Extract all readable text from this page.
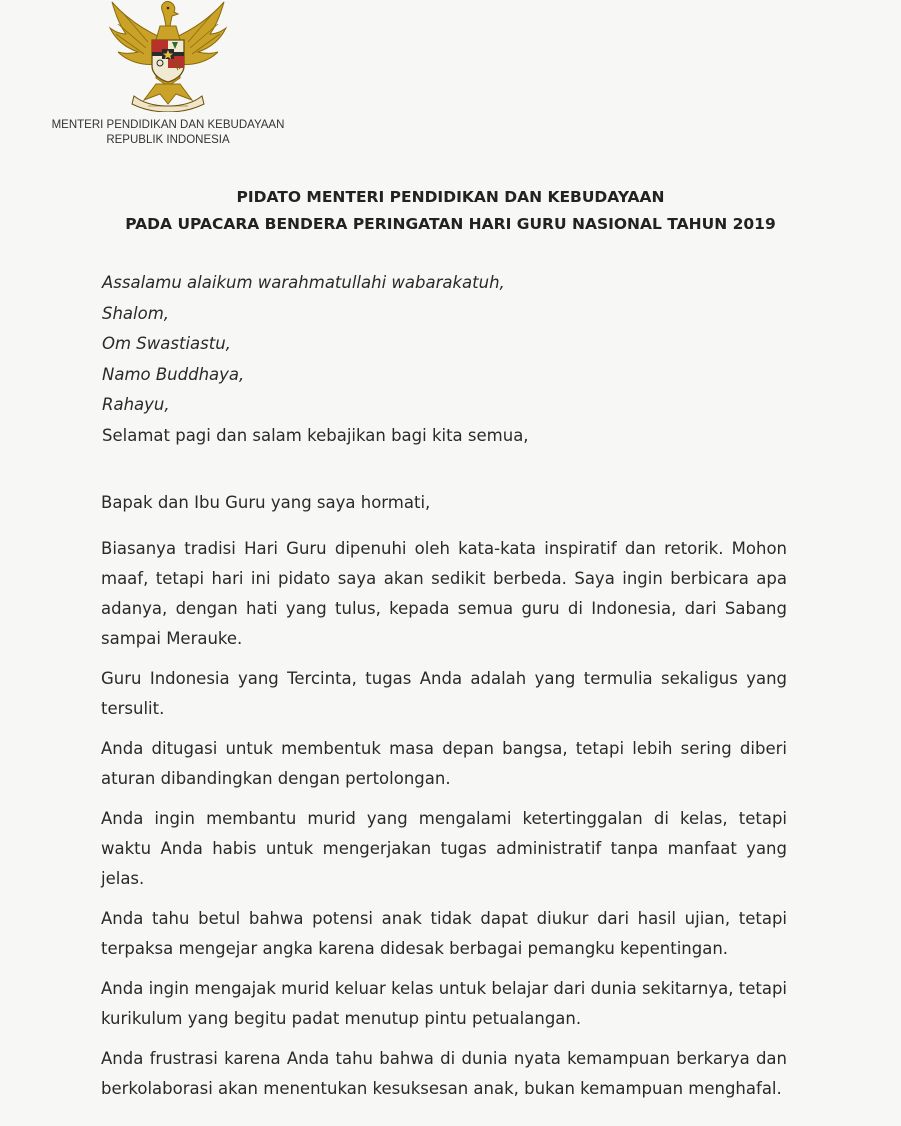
MENTERI PENDIDIKAN DAN KEBUDAYAAN
REPUBLIK INDONESIA
PIDATO MENTERI PENDIDIKAN DAN KEBUDAYAAN
PADA UPACARA BENDERA PERINGATAN HARI GURU NASIONAL TAHUN 2019
Assalamu alaikum warahmatullahi wabarakatuh,
Shalom,
Om Swastiastu,
Namo Buddhaya,
Rahayu,
Selamat pagi dan salam kebajikan bagi kita semua,

Bapak dan Ibu Guru yang saya hormati,

Biasanya tradisi Hari Guru dipenuhi oleh kata-kata inspiratif dan retorik. Mohon maaf, tetapi hari ini pidato saya akan sedikit berbeda. Saya ingin berbicara apa adanya, dengan hati yang tulus, kepada semua guru di Indonesia, dari Sabang sampai Merauke.

Guru Indonesia yang Tercinta, tugas Anda adalah yang termulia sekaligus yang tersulit.

Anda ditugasi untuk membentuk masa depan bangsa, tetapi lebih sering diberi aturan dibandingkan dengan pertolongan.

Anda ingin membantu murid yang mengalami ketertinggalan di kelas, tetapi waktu Anda habis untuk mengerjakan tugas administratif tanpa manfaat yang jelas.

Anda tahu betul bahwa potensi anak tidak dapat diukur dari hasil ujian, tetapi terpaksa mengejar angka karena didesak berbagai pemangku kepentingan.

Anda ingin mengajak murid keluar kelas untuk belajar dari dunia sekitarnya, tetapi kurikulum yang begitu padat menutup pintu petualangan.

Anda frustrasi karena Anda tahu bahwa di dunia nyata kemampuan berkarya dan berkolaborasi akan menentukan kesuksesan anak, bukan kemampuan menghafal.
